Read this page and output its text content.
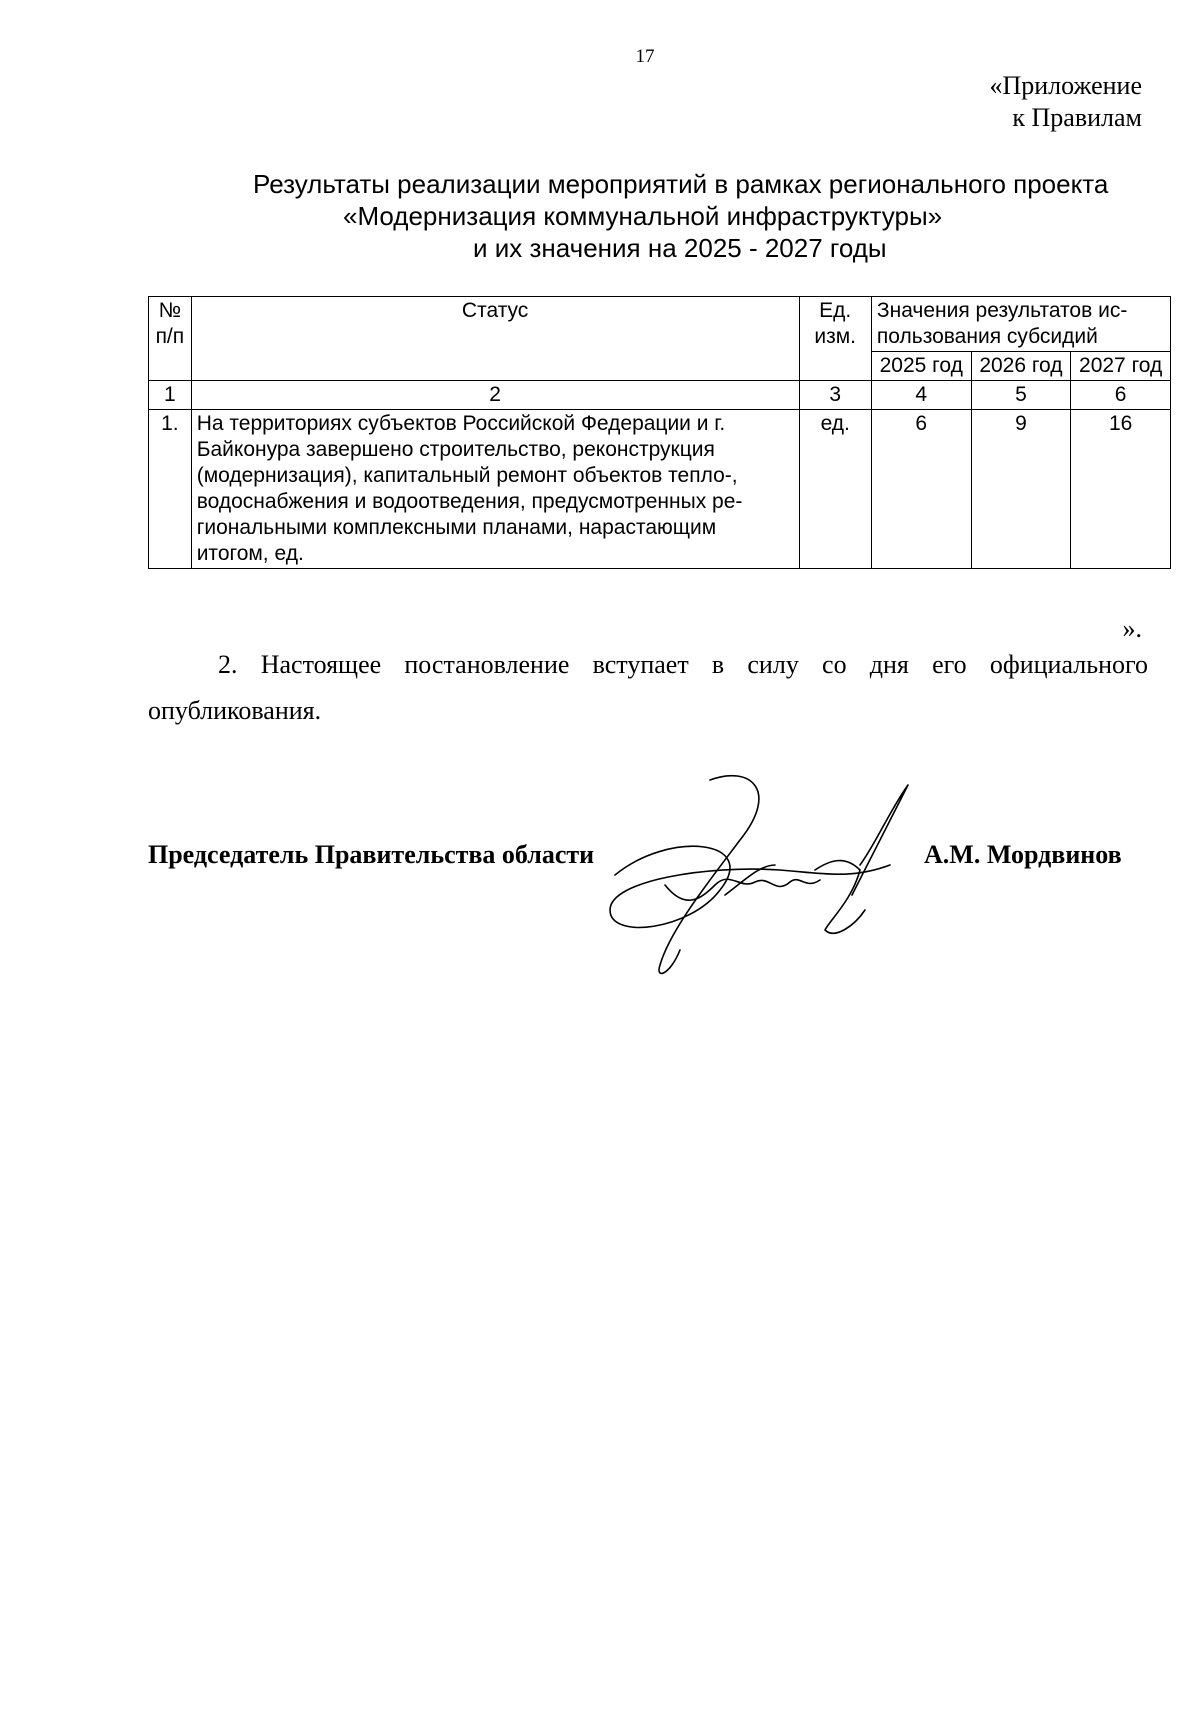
17
«Приложение
к Правилам
Результаты реализации мероприятий в рамках регионального проекта
«Модернизация коммунальной инфраструктуры»
и их значения на 2025 - 2027 годы
№ п/п	Статус	Ед. изм.	Значения результатов ис-пользования субсидий		
			2025 год	2026 год	2027 год
1	2	3	4	5	6
1.	На территориях субъектов Российской Федерации и г. Байконура завершено строительство, реконструкция (модернизация), капитальный ремонт объектов тепло-, водоснабжения и водоотведения, предусмотренных ре-гиональными комплексными планами, нарастающим итогом, ед.	ед.	6	9	16
».
2. Настоящее постановление вступает в силу со дня его официального опубликования.
Председатель Правительства области	А.М. Мордвинов
